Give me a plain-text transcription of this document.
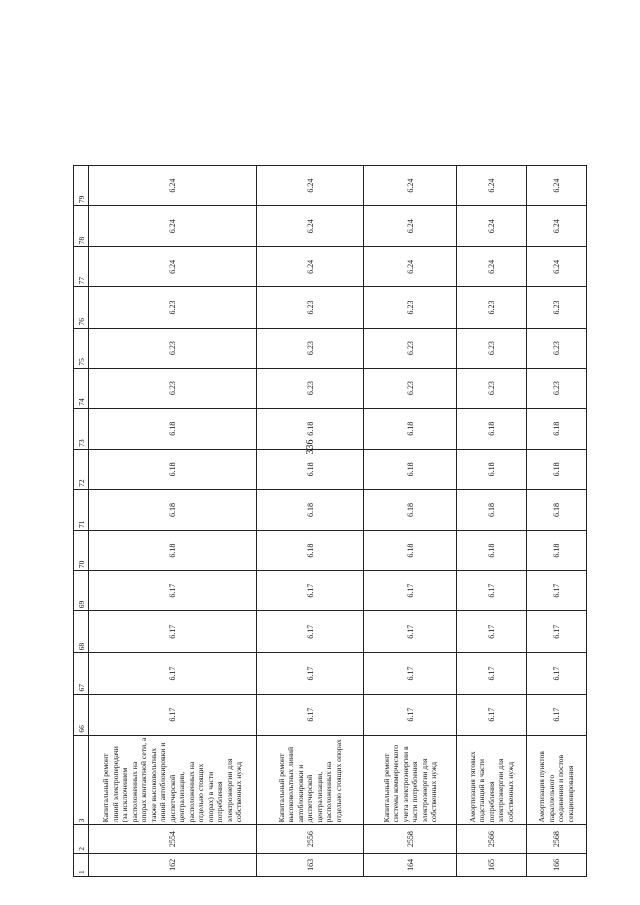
336
1	2	3	66	67	68	69	70	71	72	73	74	75	76	77	78	79
162	2554	Капитальный ремонт линий электропередачи (за исключением расположенных на опорах контактной сети, а также высоковольтных линий автоблокировки и диспетчерской централизации, расположенных на отдельно стоящих опорах) в части потребления электроэнергии для собственных нужд	6.17	6.17	6.17	6.17	6.18	6.18	6.18	6.18	6.23	6.23	6.23	6.24	6.24	6.24
163	2556	Капитальный ремонт высоковольтных линий автоблокировки и диспетчерской централизации, расположенных на отдельно стоящих опорах	6.17	6.17	6.17	6.17	6.18	6.18	6.18	6.18	6.23	6.23	6.23	6.24	6.24	6.24
164	2558	Капитальный ремонт системы коммерческого учета электроэнергии в части потребления электроэнергии для собственных нужд	6.17	6.17	6.17	6.17	6.18	6.18	6.18	6.18	6.23	6.23	6.23	6.24	6.24	6.24
165	2566	Амортизация тяговых подстанций в части потребления электроэнергии для собственных нужд	6.17	6.17	6.17	6.17	6.18	6.18	6.18	6.18	6.23	6.23	6.23	6.24	6.24	6.24
166	2568	Амортизация пунктов параллельного соединения и постов секционирования	6.17	6.17	6.17	6.17	6.18	6.18	6.18	6.18	6.23	6.23	6.23	6.24	6.24	6.24
